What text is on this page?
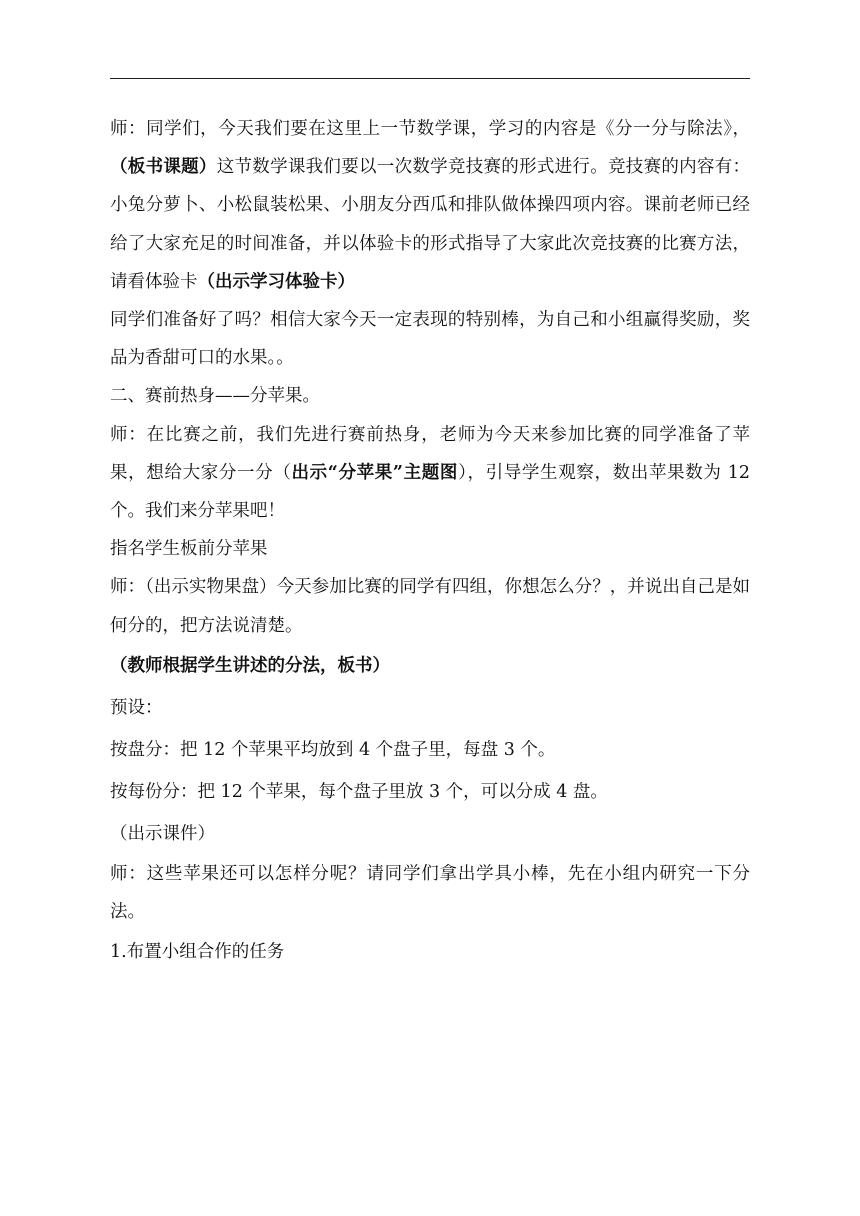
师：同学们，今天我们要在这里上一节数学课，学习的内容是《分一分与除法》，（板书课题）这节数学课我们要以一次数学竞技赛的形式进行。竞技赛的内容有：小兔分萝卜、小松鼠装松果、小朋友分西瓜和排队做体操四项内容。课前老师已经给了大家充足的时间准备，并以体验卡的形式指导了大家此次竞技赛的比赛方法，请看体验卡（出示学习体验卡）

同学们准备好了吗？相信大家今天一定表现的特别棒，为自己和小组赢得奖励，奖品为香甜可口的水果。。

二、赛前热身——分苹果。

师：在比赛之前，我们先进行赛前热身，老师为今天来参加比赛的同学准备了苹果，想给大家分一分（出示“分苹果”主题图），引导学生观察，数出苹果数为 12 个。我们来分苹果吧！

指名学生板前分苹果

师：（出示实物果盘）今天参加比赛的同学有四组，你想怎么分？，并说出自己是如何分的，把方法说清楚。

（教师根据学生讲述的分法，板书）

预设：

按盘分：把 12 个苹果平均放到 4 个盘子里，每盘 3 个。

按每份分：把 12 个苹果，每个盘子里放 3 个，可以分成 4 盘。

（出示课件）

师：这些苹果还可以怎样分呢？请同学们拿出学具小棒，先在小组内研究一下分法。

1.布置小组合作的任务
